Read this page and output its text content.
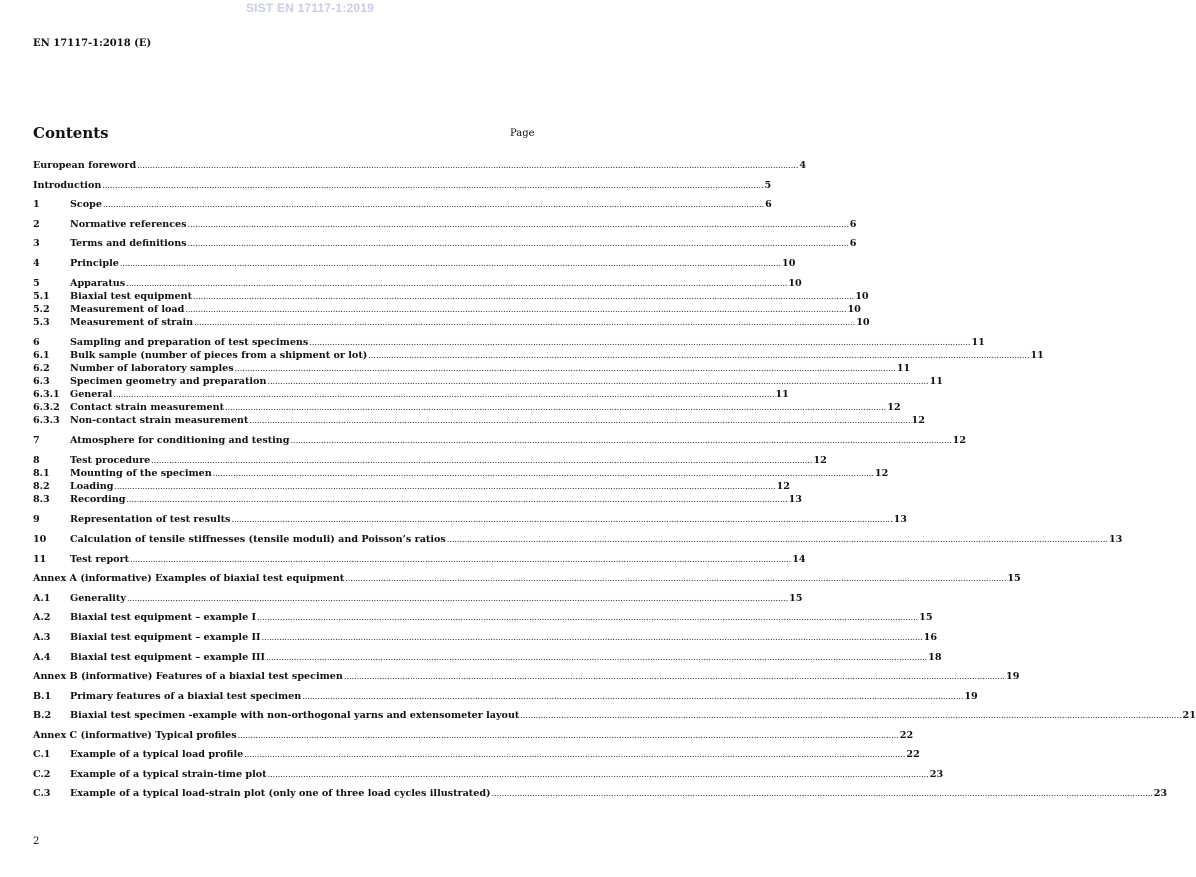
SIST EN 17117-1:2019
EN 17117-1:2018 (E)
Contents	Page
European foreword .....	4
Introduction .....	5
1	Scope .....	6
2	Normative references .....	6
3	Terms and definitions .....	6
4	Principle .....	10
5	Apparatus .....	10
5.1	Biaxial test equipment .....	10
5.2	Measurement of load .....	10
5.3	Measurement of strain .....	10
6	Sampling and preparation of test specimens .....	11
6.1	Bulk sample (number of pieces from a shipment or lot) .....	11
6.2	Number of laboratory samples .....	11
6.3	Specimen geometry and preparation .....	11
6.3.1	General .....	11
6.3.2	Contact strain measurement .....	12
6.3.3	Non-contact strain measurement .....	12
7	Atmosphere for conditioning and testing .....	12
8	Test procedure .....	12
8.1	Mounting of the specimen .....	12
8.2	Loading .....	12
8.3	Recording .....	13
9	Representation of test results .....	13
10	Calculation of tensile stiffnesses (tensile moduli) and Poisson’s ratios .....	13
11	Test report .....	14
Annex A (informative) Examples of biaxial test equipment .....	15
A.1	Generality .....	15
A.2	Biaxial test equipment – example I .....	15
A.3	Biaxial test equipment – example II .....	16
A.4	Biaxial test equipment – example III .....	18
Annex B (informative) Features of a biaxial test specimen .....	19
B.1	Primary features of a biaxial test specimen .....	19
B.2	Biaxial test specimen -example with non-orthogonal yarns and extensometer layout .....	21
Annex C (informative) Typical profiles .....	22
C.1	Example of a typical load profile .....	22
C.2	Example of a typical strain-time plot .....	23
C.3	Example of a typical load-strain plot (only one of three load cycles illustrated) .....	23
2
